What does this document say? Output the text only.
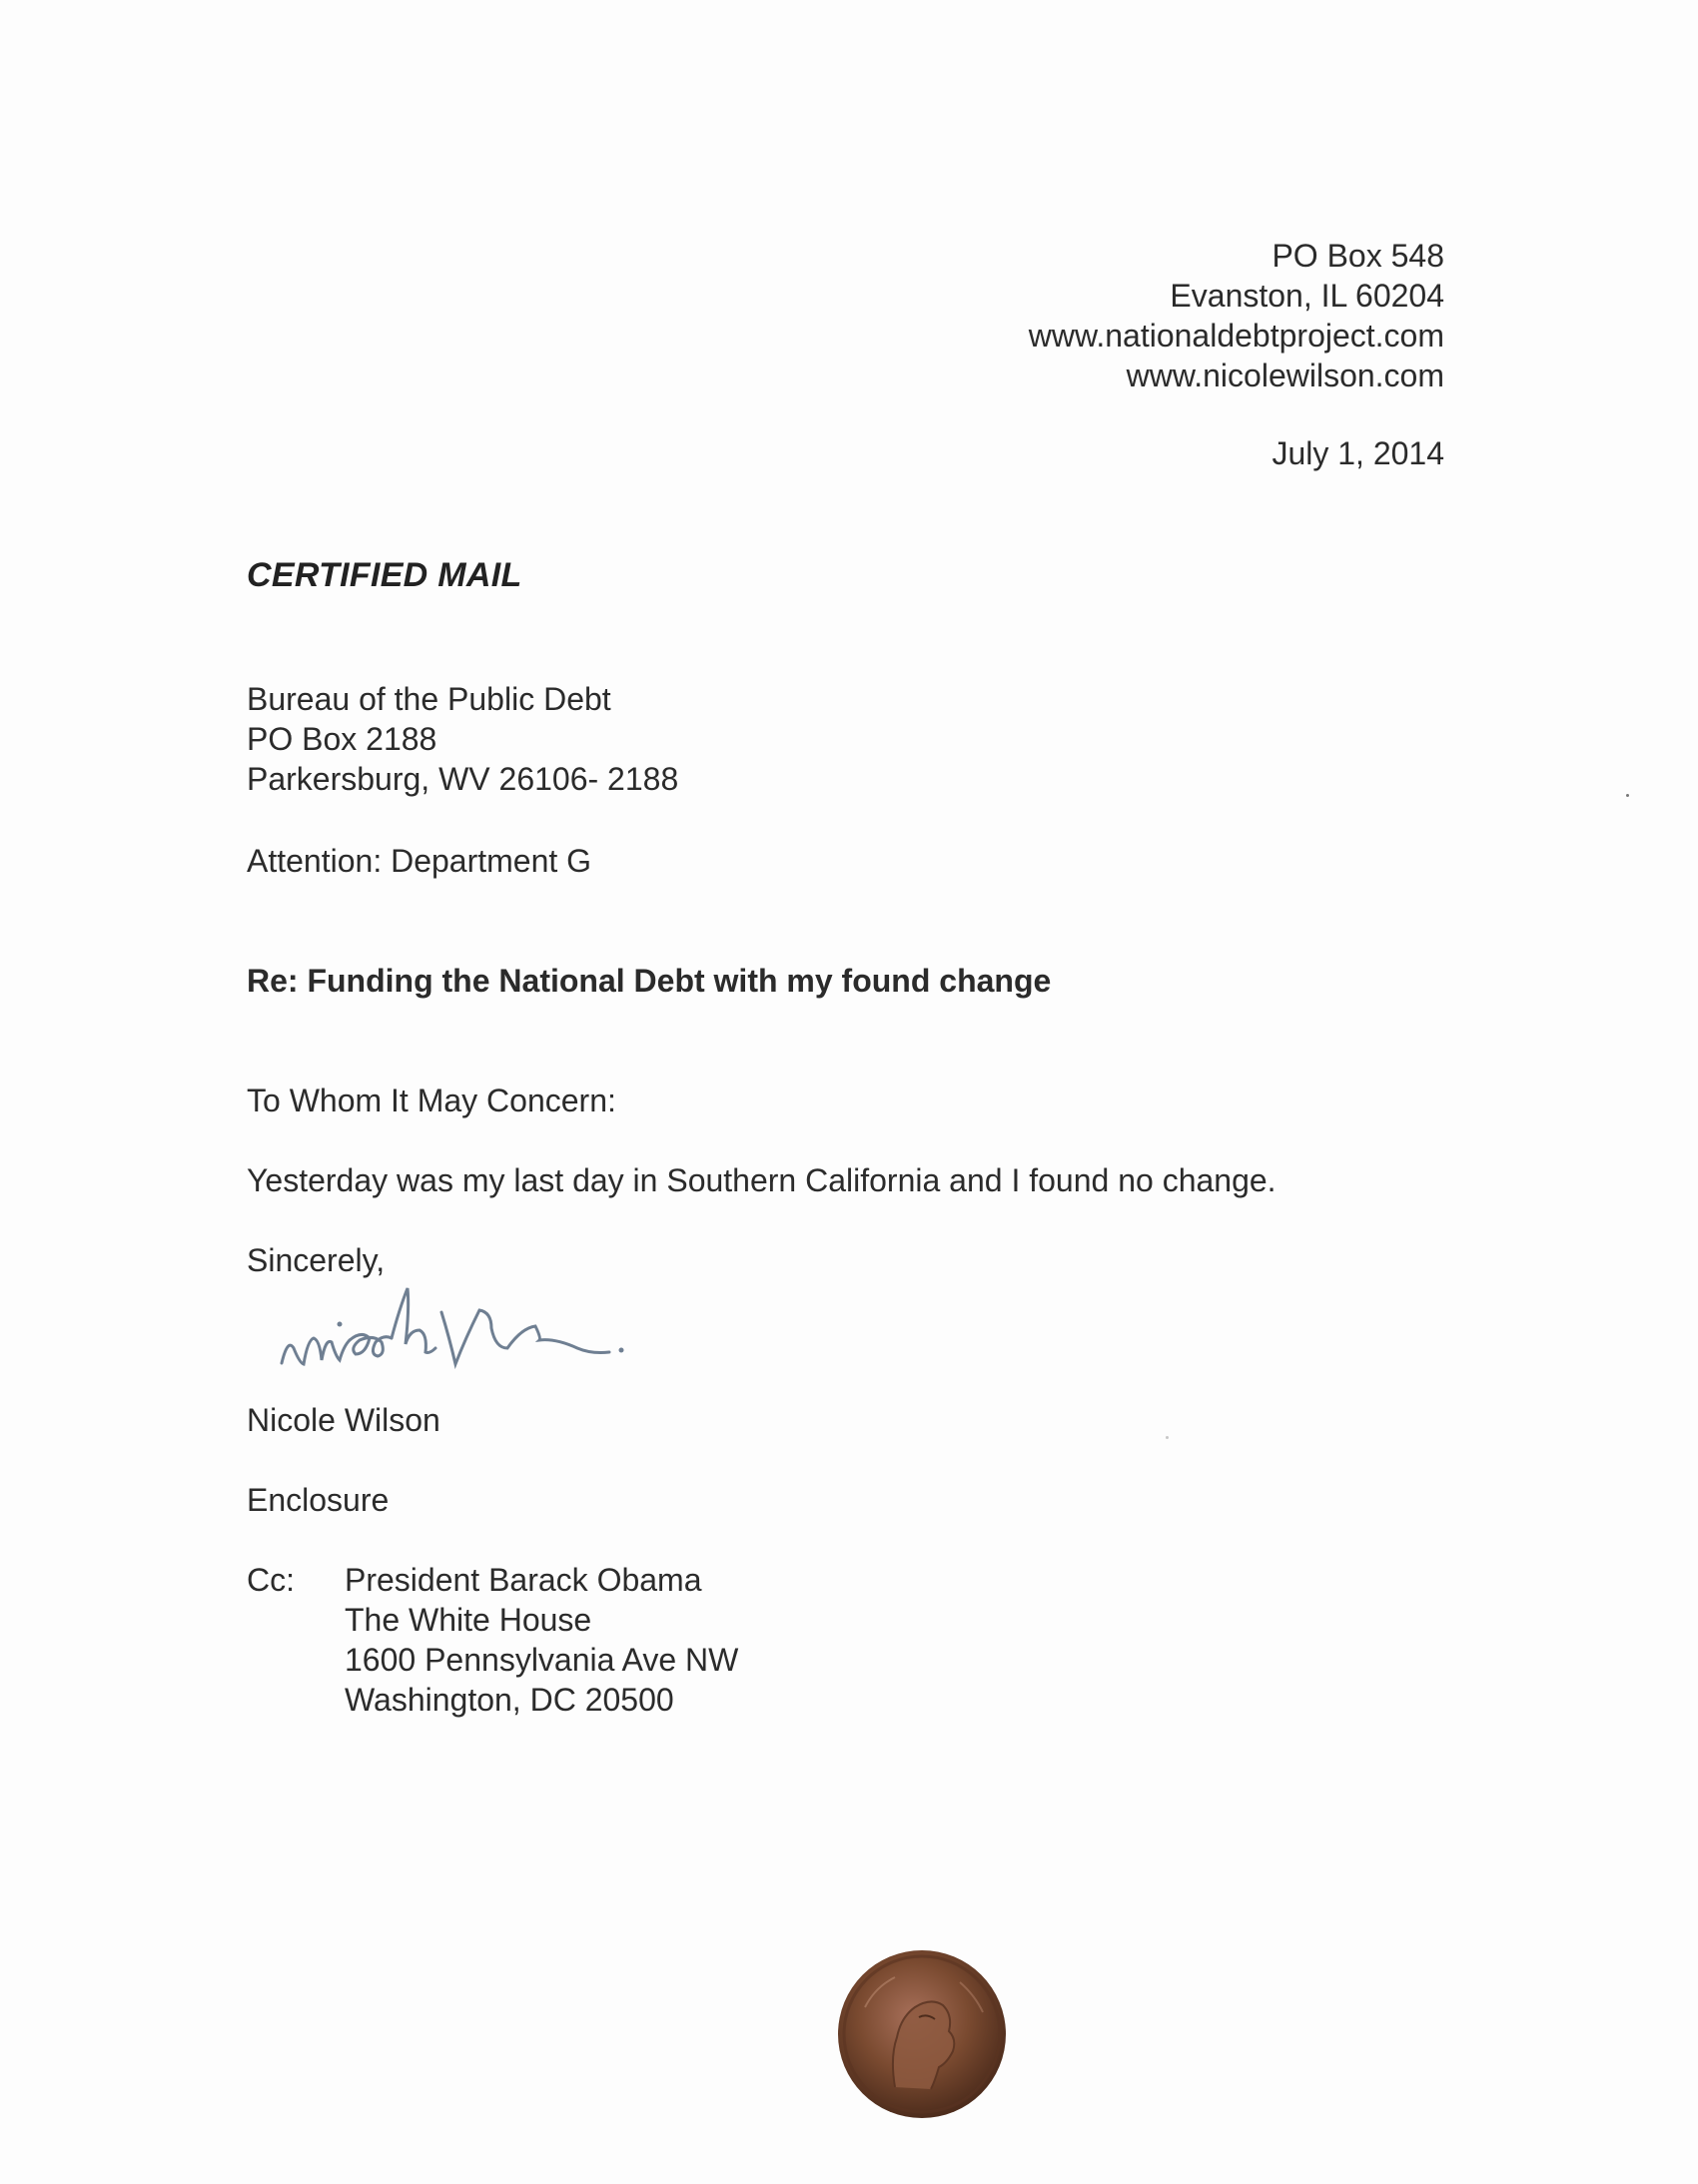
PO Box 548
Evanston, IL 60204
www.nationaldebtproject.com
www.nicolewilson.com
July 1, 2014
CERTIFIED MAIL
Bureau of the Public Debt
PO Box 2188
Parkersburg, WV 26106- 2188
Attention: Department G
Re: Funding the National Debt with my found change
To Whom It May Concern:
Yesterday was my last day in Southern California and I found no change.
Sincerely,
Nicole Wilson
Enclosure
Cc: President Barack Obama
The White House
1600 Pennsylvania Ave NW
Washington, DC 20500
